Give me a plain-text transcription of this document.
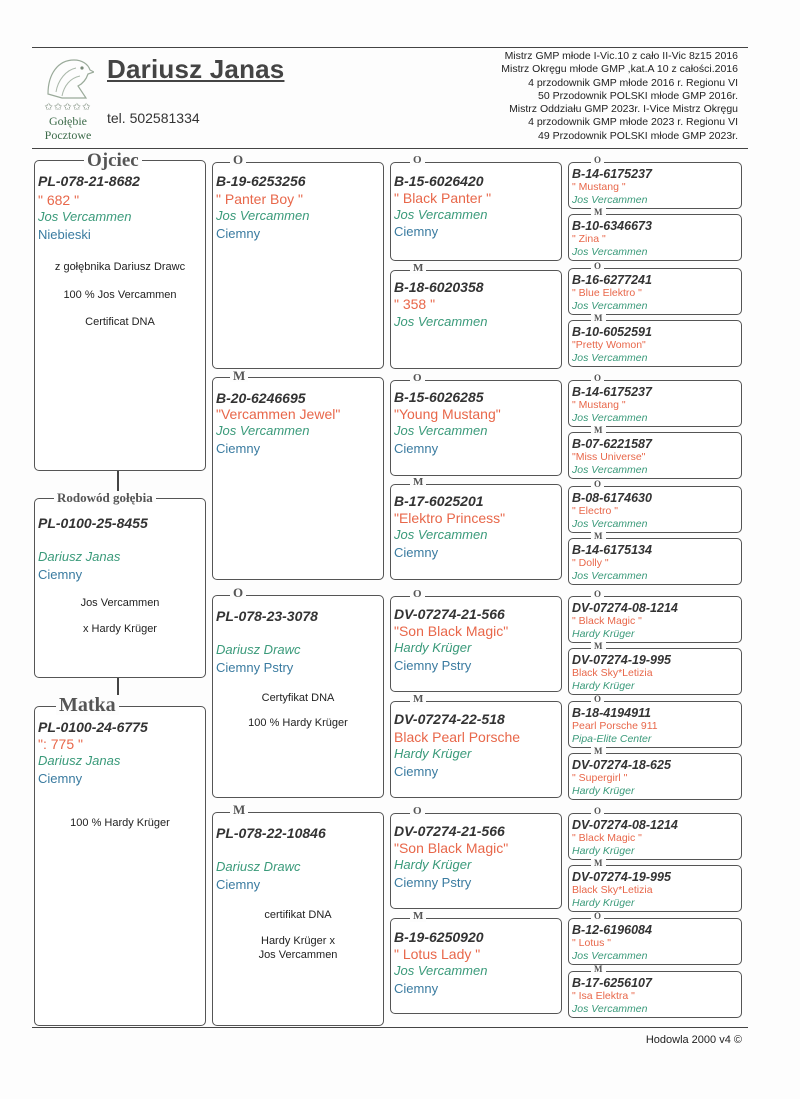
✩✩✩✩✩
Gołębie
Pocztowe
Dariusz Janas
tel. 502581334
Mistrz GMP młode I-Vic.10 z cało II-Vic 8z15 2016
Mistrz Okręgu młode GMP ,kat.A 10 z całości.2016
4 przodownik GMP młode 2016 r. Regionu VI
50 Przodownik POLSKI młode GMP 2016r.
Mistrz Oddziału GMP 2023r. I-Vice Mistrz Okręgu
4 przodownik GMP młode 2023 r. Regionu VI
49 Przodownik POLSKI młode GMP 2023r.
PL-078-21-8682
" 682 "
Jos Vercammen
Niebieski
z gołębnika Dariusz Drawc
100 % Jos Vercammen
Certificat DNA
Ojciec
PL-0100-25-8455
Dariusz Janas
Ciemny
Jos Vercammen
x Hardy Krüger
Rodowód gołębia
PL-0100-24-6775
": 775 "
Dariusz Janas
Ciemny
100 % Hardy Krüger
Matka
B-19-6253256
" Panter Boy "
Jos Vercammen
Ciemny
O
B-20-6246695
"Vercammen Jewel"
Jos Vercammen
Ciemny
M
PL-078-23-3078
Dariusz Drawc
Ciemny Pstry
Certyfikat DNA
100 % Hardy Krüger
O
PL-078-22-10846
Dariusz Drawc
Ciemny
certifikat DNA
Hardy Krüger x
Jos Vercammen
M
B-15-6026420
" Black Panter "
Jos Vercammen
Ciemny
O
B-18-6020358
" 358 "
Jos Vercammen
M
B-15-6026285
"Young Mustang"
Jos Vercammen
Ciemny
O
B-17-6025201
"Elektro Princess"
Jos Vercammen
Ciemny
M
DV-07274-21-566
"Son Black Magic"
Hardy Krüger
Ciemny Pstry
O
DV-07274-22-518
Black Pearl Porsche
Hardy Krüger
Ciemny
M
DV-07274-21-566
"Son Black Magic"
Hardy Krüger
Ciemny Pstry
O
B-19-6250920
" Lotus Lady "
Jos Vercammen
Ciemny
M
B-14-6175237
" Mustang "
Jos Vercammen
O
B-10-6346673
" Zina "
Jos Vercammen
M
B-16-6277241
" Blue Elektro "
Jos Vercammen
O
B-10-6052591
"Pretty Womon"
Jos Vercammen
M
B-14-6175237
" Mustang "
Jos Vercammen
O
B-07-6221587
"Miss Universe"
Jos Vercammen
M
B-08-6174630
" Electro "
Jos Vercammen
O
B-14-6175134
" Dolly "
Jos Vercammen
M
DV-07274-08-1214
" Black Magic "
Hardy Krüger
O
DV-07274-19-995
Black Sky*Letizia
Hardy Krüger
M
B-18-4194911
Pearl Porsche 911
Pipa-Elite Center
O
DV-07274-18-625
" Supergirl "
Hardy Krüger
M
DV-07274-08-1214
" Black Magic "
Hardy Krüger
O
DV-07274-19-995
Black Sky*Letizia
Hardy Krüger
M
B-12-6196084
" Lotus "
Jos Vercammen
O
B-17-6256107
" Isa Elektra "
Jos Vercammen
M
Hodowla 2000 v4 ©
